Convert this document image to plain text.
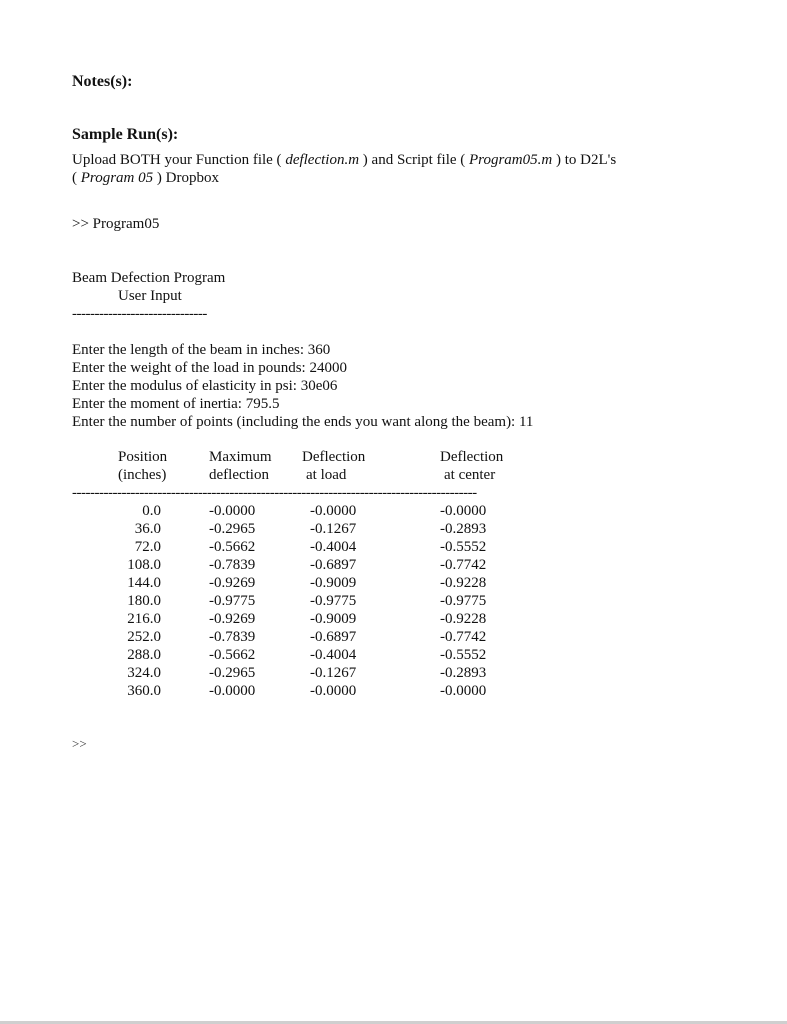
Notes(s):
Sample Run(s):
Upload BOTH your Function file ( deflection.m ) and Script file ( Program05.m ) to D2L's
( Program 05 ) Dropbox
>> Program05
Beam Defection Program
User Input
------------------------------
Enter the length of the beam in inches: 360
Enter the weight of the load in pounds: 24000
Enter the modulus of elasticity in psi: 30e06
Enter the moment of inertia: 795.5
Enter the number of points (including the ends you want along the beam): 11
Position
(inches)
Maximum
deflection
Deflection
at load
Deflection
at center
------------------------------------------------------------------------------------------
0.0
36.0
72.0
108.0
144.0
180.0
216.0
252.0
288.0
324.0
360.0
-0.0000
-0.2965
-0.5662
-0.7839
-0.9269
-0.9775
-0.9269
-0.7839
-0.5662
-0.2965
-0.0000
-0.0000
-0.1267
-0.4004
-0.6897
-0.9009
-0.9775
-0.9009
-0.6897
-0.4004
-0.1267
-0.0000
-0.0000
-0.2893
-0.5552
-0.7742
-0.9228
-0.9775
-0.9228
-0.7742
-0.5552
-0.2893
-0.0000
>>
